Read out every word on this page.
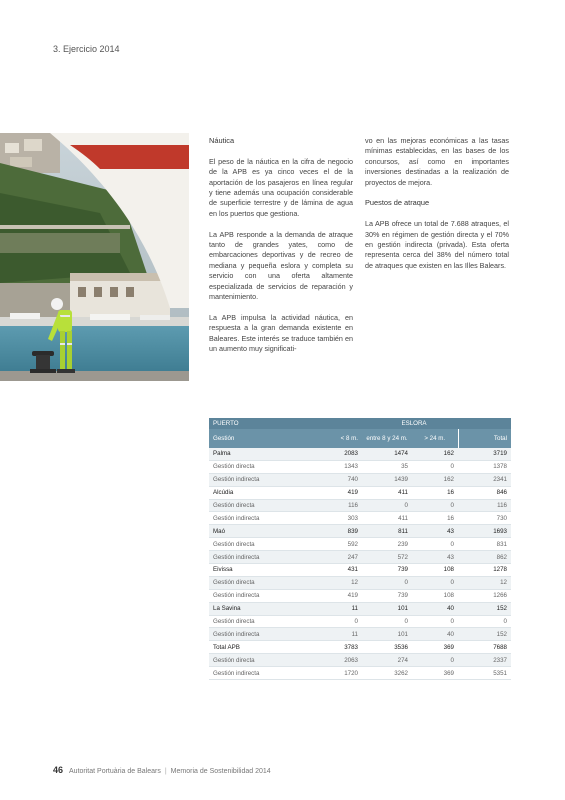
3. Ejercicio 2014
Náutica

El peso de la náutica en la cifra de negocio de la APB es ya cinco veces el de la aportación de los pasajeros en línea regular y tiene además una ocupación considerable de superficie terrestre y de lámina de agua en los puertos que gestiona.

La APB responde a la demanda de atraque tanto de grandes yates, como de embarcaciones deportivas y de recreo de mediana y pequeña eslora y completa su servicio con una oferta altamente especializada de servicios de reparación y mantenimiento.

La APB impulsa la actividad náutica, en respuesta a la gran demanda existente en Baleares. Este interés se traduce también en un aumento muy significati-

vo en las mejoras económicas a las tasas mínimas establecidas, en las bases de los concursos, así como en importantes inversiones destinadas a la realización de proyectos de mejora.

Puestos de atraque

La APB ofrece un total de 7.688 atraques, el 30% en régimen de gestión directa y el 70% en gestión indirecta (privada). Esta oferta representa cerca del 38% del número total de atraques que existen en las Illes Balears.

PUERTO	ESLORA			
Gestión	< 8 m.	entre 8 y 24 m.	> 24 m.	Total
Palma	2083	1474	162	3719
Gestión directa	1343	35	0	1378
Gestión indirecta	740	1439	162	2341
Alcúdia	419	411	16	846
Gestión directa	116	0	0	116
Gestión indirecta	303	411	16	730
Maó	839	811	43	1693
Gestión directa	592	239	0	831
Gestión indirecta	247	572	43	862
Eivissa	431	739	108	1278
Gestión directa	12	0	0	12
Gestión indirecta	419	739	108	1266
La Savina	11	101	40	152
Gestión directa	0	0	0	0
Gestión indirecta	11	101	40	152
Total APB	3783	3536	369	7688
Gestión directa	2063	274	0	2337
Gestión indirecta	1720	3262	369	5351
46 Autoritat Portuària de Balears | Memoria de Sostenibilidad 2014
